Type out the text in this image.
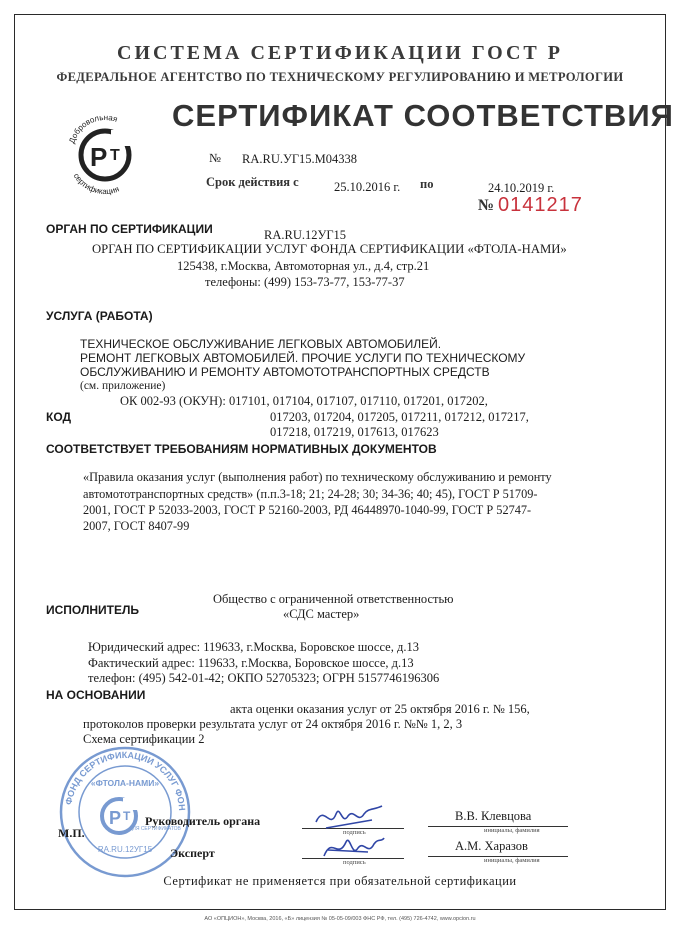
СИСТЕМА СЕРТИФИКАЦИИ ГОСТ Р
ФЕДЕРАЛЬНОЕ АГЕНТСТВО ПО ТЕХНИЧЕСКОМУ РЕГУЛИРОВАНИЮ И МЕТРОЛОГИИ
СЕРТИФИКАТ СООТВЕТСТВИЯ
P T
Добровольная
сертификация
№ RA.RU.УГ15.М04338
Срок действия с	25.10.2016 г. по	24.10.2019 г.
№ 0141217
ОРГАН ПО СЕРТИФИКАЦИИ	RA.RU.12УГ15
ОРГАН ПО СЕРТИФИКАЦИИ УСЛУГ ФОНДА СЕРТИФИКАЦИИ «ФТОЛА-НАМИ»
125438, г.Москва, Автомоторная ул., д.4, стр.21
телефоны: (499) 153-73-77, 153-77-37
УСЛУГА (РАБОТА)
ТЕХНИЧЕСКОЕ ОБСЛУЖИВАНИЕ ЛЕГКОВЫХ АВТОМОБИЛЕЙ.
РЕМОНТ ЛЕГКОВЫХ АВТОМОБИЛЕЙ. ПРОЧИЕ УСЛУГИ ПО ТЕХНИЧЕСКОМУ
ОБСЛУЖИВАНИЮ И РЕМОНТУ АВТОМОТОТРАНСПОРТНЫХ СРЕДСТВ
(см. приложение)
ОК 002-93 (ОКУН): 017101, 017104, 017107, 017110, 017201, 017202,
КОД	017203, 017204, 017205, 017211, 017212, 017217,
017218, 017219, 017613, 017623
СООТВЕТСТВУЕТ ТРЕБОВАНИЯМ НОРМАТИВНЫХ ДОКУМЕНТОВ
«Правила оказания услуг (выполнения работ) по техническому обслуживанию и ремонту
автомототранспортных средств» (п.п.3-18; 21; 24-28; 30; 34-36; 40; 45), ГОСТ Р 51709-
2001, ГОСТ Р 52033-2003, ГОСТ Р 52160-2003, РД 46448970-1040-99, ГОСТ Р 52747-
2007, ГОСТ 8407-99
Общество с ограниченной ответственностью
ИСПОЛНИТЕЛЬ	«СДС мастер»
Юридический адрес: 119633, г.Москва, Боровское шоссе, д.13
Фактический адрес: 119633, г.Москва, Боровское шоссе, д.13
телефон: (495) 542-01-42; ОКПО 52705323; ОГРН 5157746196306
НА ОСНОВАНИИ
акта оценки оказания услуг от 25 октября 2016 г. № 156,
протоколов проверки результата услуг от 24 октября 2016 г. №№ 1, 2, 3
Схема сертификации 2
ФОНД СЕРТИФИКАЦИИ УСЛУГ ФОН
«ФТОЛА-НАМИ»
P T
ДЛЯ СЕРТИФИКАТОВ
RA.RU.12УГ15
М.П.
Руководитель органа
подпись
В.В. Клевцова
инициалы, фамилия
Эксперт
подпись
А.М. Харазов
инициалы, фамилия
Сертификат не применяется при обязательной сертификации
АО «ОПЦИОН», Москва, 2016, «Б» лицензия № 05-05-09/003 ФНС РФ, тел. (495) 726-4742, www.opcion.ru
